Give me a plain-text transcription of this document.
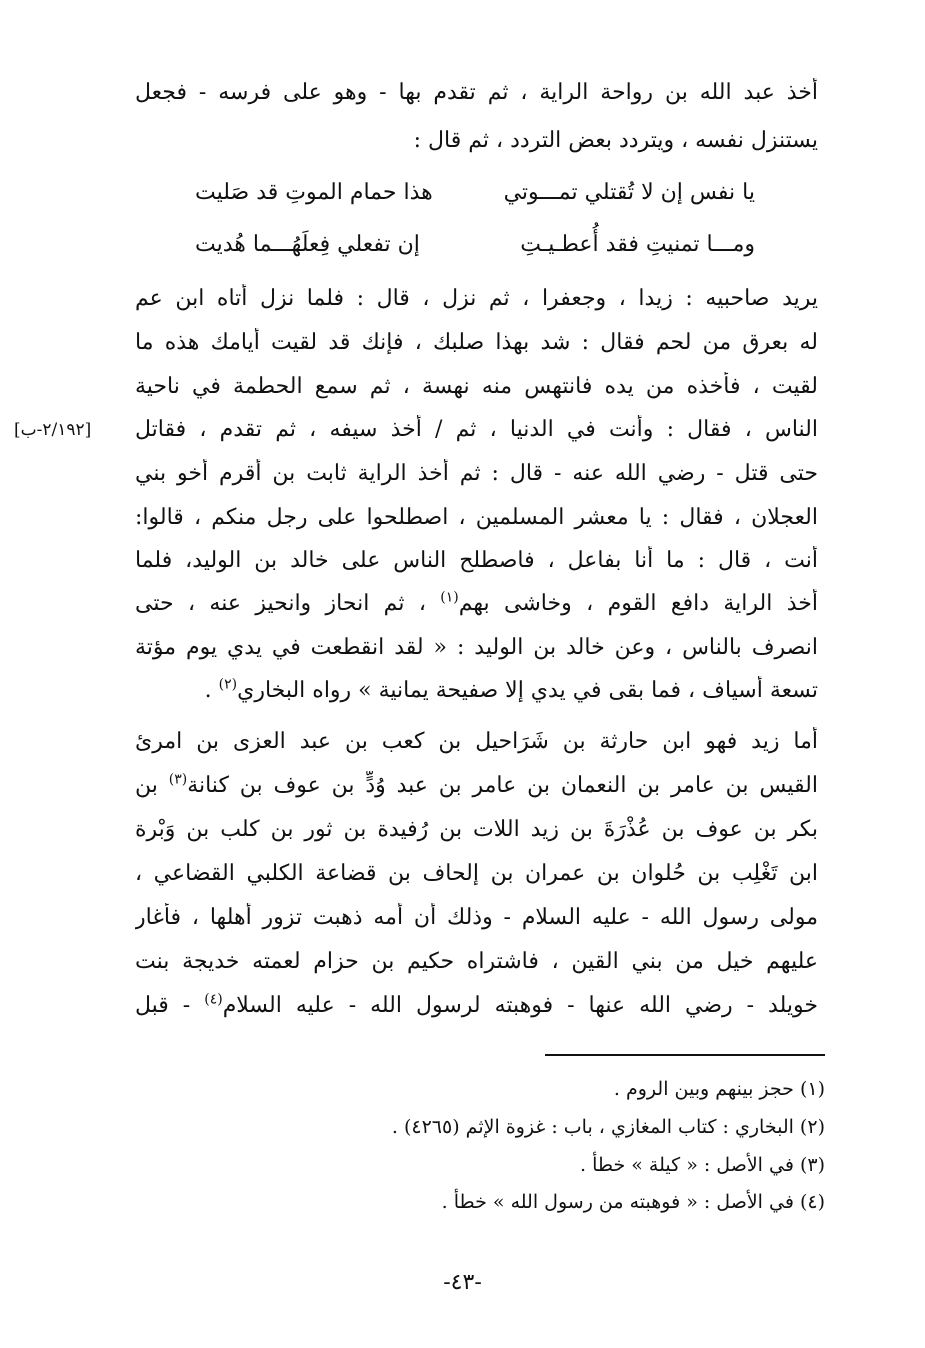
أخذ عبد الله بن رواحة الراية ، ثم تقدم بها - وهو على فرسه - فجعل
يستنزل نفسه ، ويتردد بعض التردد ، ثم قال :
يا نفس إن لا تُقتلي تمـــوتي
هذا حمام الموتِ قد صَليت
ومـــا تمنيتِ فقد أُعطـيـتِ
إن تفعلي فِعلَهُـــما هُديت
يريد صاحبيه : زيدا ، وجعفرا ، ثم نزل ، قال : فلما نزل أتاه ابن عم
له بعرق من لحم فقال : شد بهذا صلبك ، فإنك قد لقيت أيامك هذه ما
لقيت ، فأخذه من يده فانتهس منه نهسة ، ثم سمع الحطمة في ناحية
الناس ، فقال : وأنت في الدنيا ، ثم / أخذ سيفه ، ثم تقدم ، فقاتل
[٢/١٩٢-ب]
حتى قتل - رضي الله عنه - قال : ثم أخذ الراية ثابت بن أقرم أخو بني
العجلان ، فقال : يا معشر المسلمين ، اصطلحوا على رجل منكم ، قالوا:
أنت ، قال : ما أنا بفاعل ، فاصطلح الناس على خالد بن الوليد، فلما
أخذ الراية دافع القوم ، وخاشى بهم$^{(١)}$ ، ثم انحاز وانحيز عنه ، حتى
انصرف بالناس ، وعن خالد بن الوليد : « لقد انقطعت في يدي يوم مؤتة
تسعة أسياف ، فما بقى في يدي إلا صفيحة يمانية » رواه البخاري$^{(٢)}$ .
أما زيد فهو ابن حارثة بن شَرَاحيل بن كعب بن عبد العزى بن امرئ
القيس بن عامر بن النعمان بن عامر بن عبد وُدٍّ بن عوف بن كنانة$^{(٣)}$ بن
بكر بن عوف بن عُذْرَةَ بن زيد اللات بن رُفيدة بن ثور بن كلب بن وَبْرة
ابن تَغْلِب بن حُلوان بن عمران بن إلحاف بن قضاعة الكلبي القضاعي ،
مولى رسول الله - عليه السلام - وذلك أن أمه ذهبت تزور أهلها ، فأغار
عليهم خيل من بني القين ، فاشتراه حكيم بن حزام لعمته خديجة بنت
خويلد - رضي الله عنها - فوهبته لرسول الله - عليه السلام$^{(٤)}$ - قبل
(١) حجز بينهم وبين الروم .
(٢) البخاري : كتاب المغازي ، باب : غزوة الإثم (٤٢٦٥) .
(٣) في الأصل : « كيلة » خطأ .
(٤) في الأصل : « فوهبته من رسول الله » خطأ .
-٤٣-
